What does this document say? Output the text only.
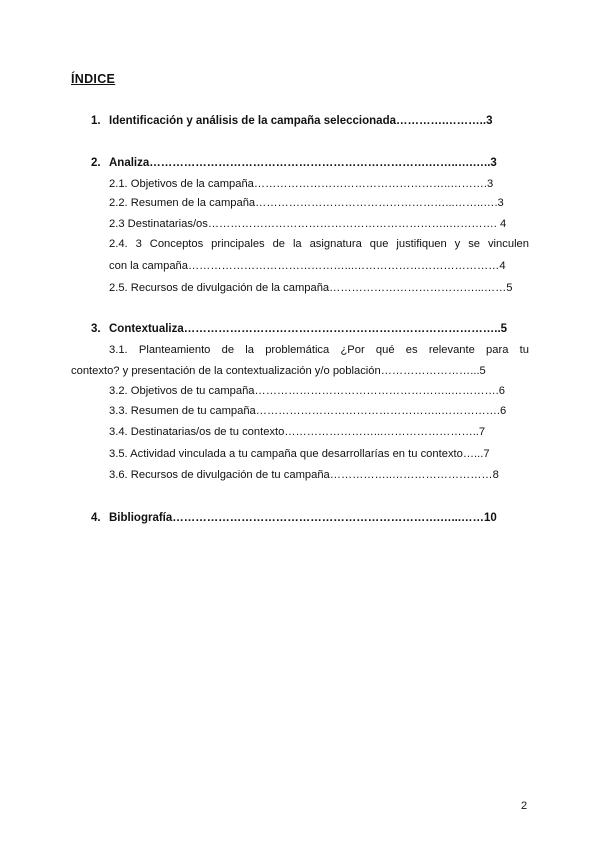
ÍNDICE
1. Identificación y análisis de la campaña seleccionada………….………..3
2. Analiza……………………………………………………………….……..….…..3
2.1. Objetivos de la campaña……………………………………………..……….3
2.2. Resumen de la campaña……………………………………………...……..….3
2.3 Destinatarias/os………………………………………………………..…………. 4
2.4. 3 Conceptos principales de la asignatura que justifiquen y se vinculen
con la campaña……………………………………...…………………………………4
2.5. Recursos de divulgación de la campaña…………………………………...……5
3. Contextualiza………………………………………………………………………..5
3.1. Planteamiento de la problemática ¿Por qué es relevante para tu
contexto? y presentación de la contextualización y/o población……………………...5
3.2. Objetivos de tu campaña……………………………………………..………….6
3.3. Resumen de tu campaña…………………………………………..…………….6
3.4. Destinatarias/os de tu contexto……………………...……………………..7
3.5. Actividad vinculada a tu campaña que desarrollarías en tu contexto…...7
3.6. Recursos de divulgación de tu campaña……………..………………………8
4. Bibliografía…………………………………………………………….…...……10
2
